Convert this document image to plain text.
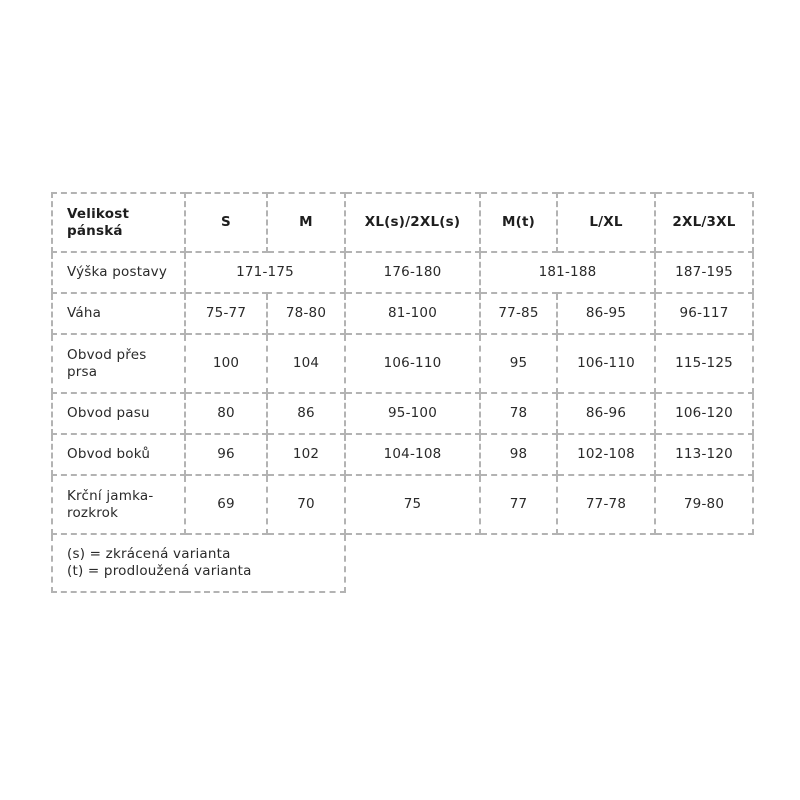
Velikost
pánská	S	M	XL(s)/2XL(s)	M(t)	L/XL	2XL/3XL
Výška postavy	171-175		176-180	181-188		187-195
Váha	75-77	78-80	81-100	77-85	86-95	96-117

Obvod přes
prsa	100	104	106-110	95	106-110	115-125
Obvod pasu	80	86	95-100	78	86-96	106-120
Obvod boků	96	102	104-108	98	102-108	113-120

Krční jamka-
rozkrok	69	70	75	77	77-78	79-80

(s) = zkrácená varianta
(t) = prodloužená varianta						
